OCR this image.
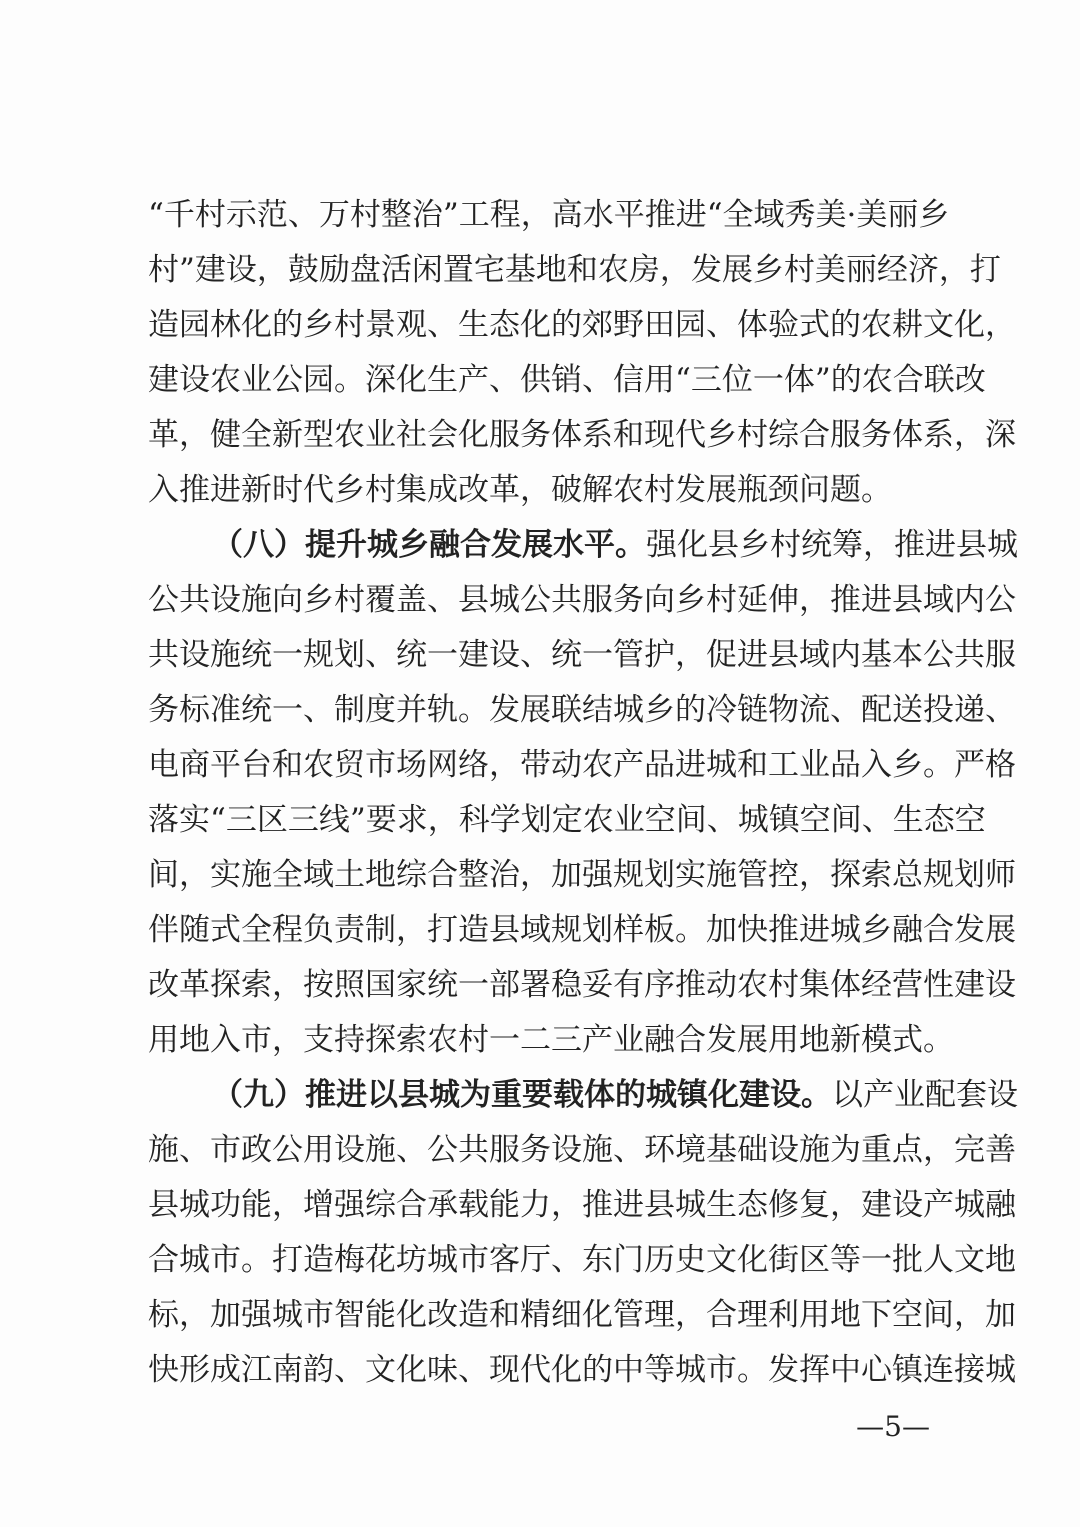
“千村示范、万村整治”工程，高水平推进“全域秀美·美丽乡
村”建设，鼓励盘活闲置宅基地和农房，发展乡村美丽经济，打
造园林化的乡村景观、生态化的郊野田园、体验式的农耕文化，
建设农业公园。深化生产、供销、信用“三位一体”的农合联改
革，健全新型农业社会化服务体系和现代乡村综合服务体系，深
入推进新时代乡村集成改革，破解农村发展瓶颈问题。
（八）提升城乡融合发展水平。强化县乡村统筹，推进县城
公共设施向乡村覆盖、县城公共服务向乡村延伸，推进县域内公
共设施统一规划、统一建设、统一管护，促进县域内基本公共服
务标准统一、制度并轨。发展联结城乡的冷链物流、配送投递、
电商平台和农贸市场网络，带动农产品进城和工业品入乡。严格
落实“三区三线”要求，科学划定农业空间、城镇空间、生态空
间，实施全域土地综合整治，加强规划实施管控，探索总规划师
伴随式全程负责制，打造县域规划样板。加快推进城乡融合发展
改革探索，按照国家统一部署稳妥有序推动农村集体经营性建设
用地入市，支持探索农村一二三产业融合发展用地新模式。
（九）推进以县城为重要载体的城镇化建设。以产业配套设
施、市政公用设施、公共服务设施、环境基础设施为重点，完善
县城功能，增强综合承载能力，推进县城生态修复，建设产城融
合城市。打造梅花坊城市客厅、东门历史文化街区等一批人文地
标，加强城市智能化改造和精细化管理，合理利用地下空间，加
快形成江南韵、文化味、现代化的中等城市。发挥中心镇连接城
—5—
